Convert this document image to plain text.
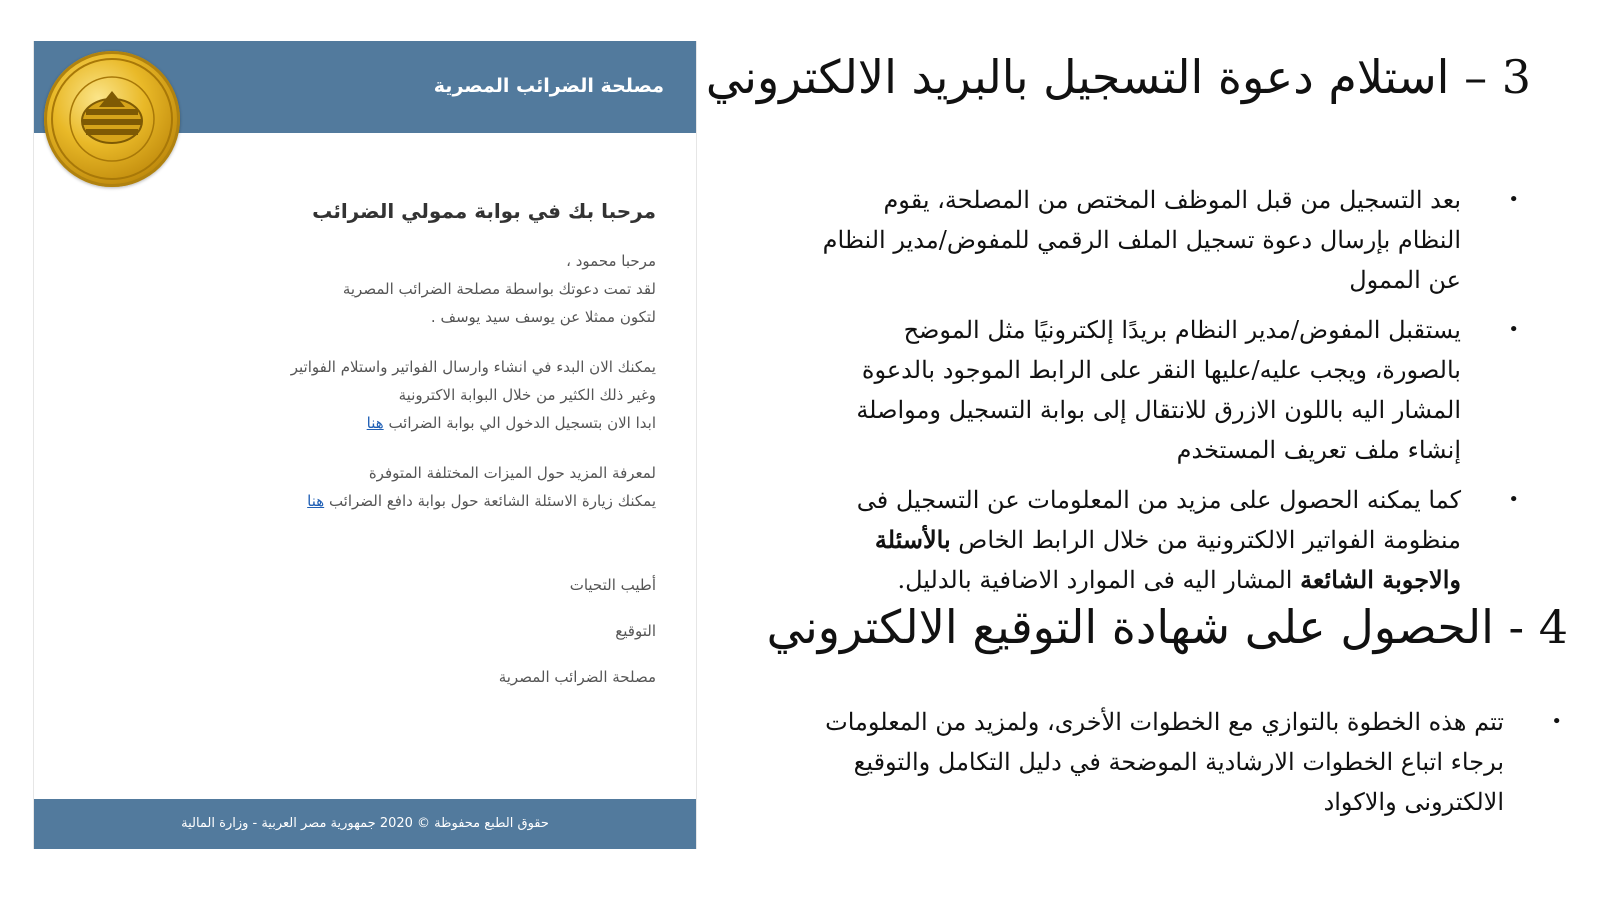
مصلحة الضرائب المصرية
مرحبا بك في بوابة ممولي الضرائب
مرحبا محمود ،
لقد تمت دعوتك بواسطة مصلحة الضرائب المصرية
لتكون ممثلا عن يوسف سيد يوسف .
يمكنك الان البدء في انشاء وارسال الفواتير واستلام الفواتير
وغير ذلك الكثير من خلال البوابة الاكترونية
ابدا الان بتسجيل الدخول الي بوابة الضرائب هنا
لمعرفة المزيد حول الميزات المختلفة المتوفرة
يمكنك زيارة الاسئلة الشائعة حول بوابة دافع الضرائب هنا
أطيب التحيات
التوقيع
مصلحة الضرائب المصرية
حقوق الطبع محفوظة © 2020 جمهورية مصر العربية - وزارة المالية
3 – استلام دعوة التسجيل بالبريد الالكتروني
•
بعد التسجيل من قبل الموظف المختص من المصلحة، يقوم
النظام بإرسال دعوة تسجيل الملف الرقمي للمفوض/مدير النظام
عن الممول
•
يستقبل المفوض/مدير النظام بريدًا إلكترونيًا مثل الموضح
بالصورة، ويجب عليه/عليها النقر على الرابط الموجود بالدعوة
المشار اليه باللون الازرق للانتقال إلى بوابة التسجيل ومواصلة
إنشاء ملف تعريف المستخدم
•
كما يمكنه الحصول على مزيد من المعلومات عن التسجيل فى
منظومة الفواتير الالكترونية من خلال الرابط الخاص بالأسئلة
والاجوبة الشائعة المشار اليه فى الموارد الاضافية بالدليل.
4 - الحصول على شهادة التوقيع الالكتروني
•
تتم هذه الخطوة بالتوازي مع الخطوات الأخرى، ولمزيد من المعلومات
برجاء اتباع الخطوات الارشادية الموضحة في دليل التكامل والتوقيع
الالكترونى والاكواد
